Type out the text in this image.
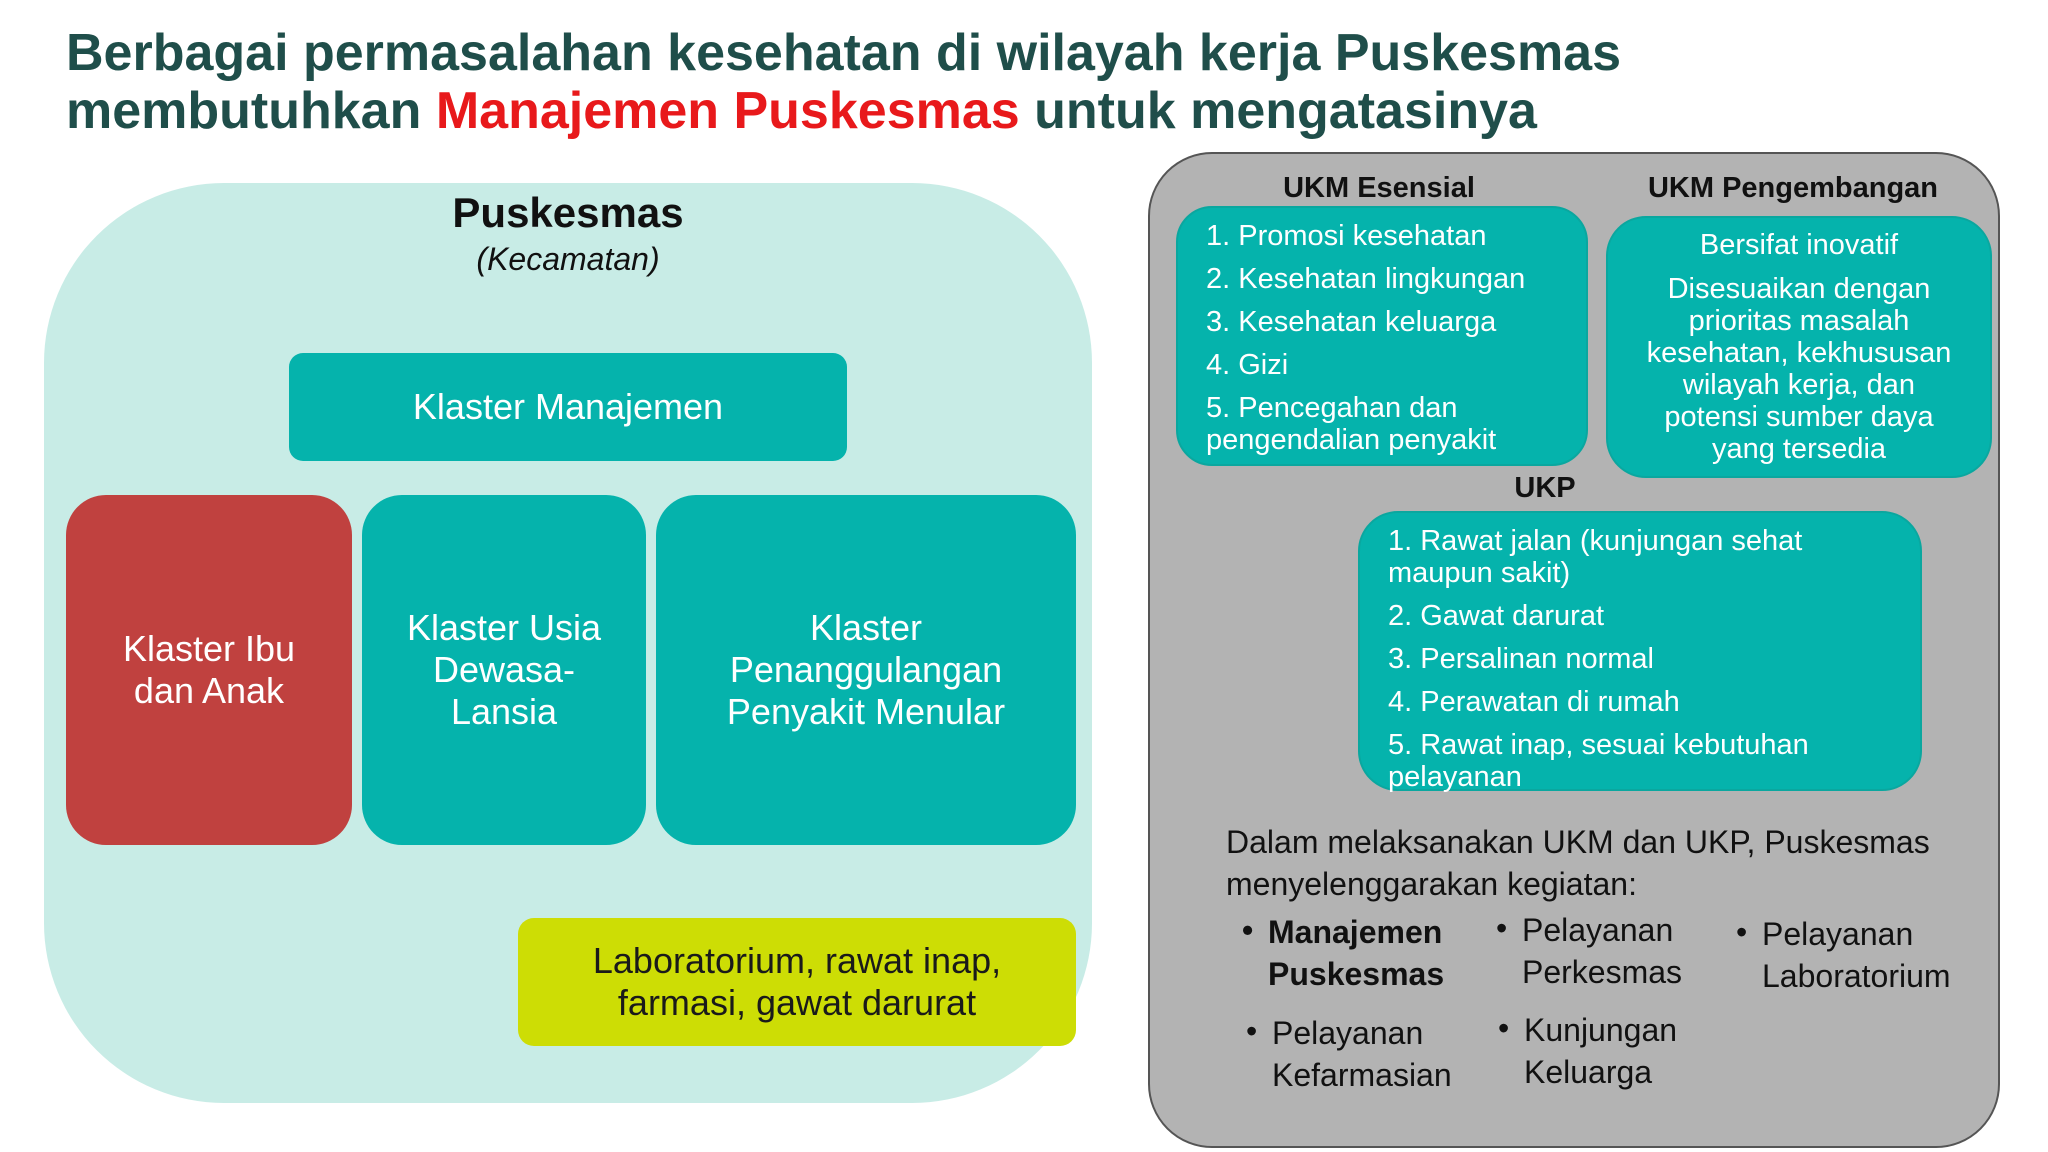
Berbagai permasalahan kesehatan di wilayah kerja Puskesmas
membutuhkan Manajemen Puskesmas untuk mengatasinya
Puskesmas
(Kecamatan)
Klaster Manajemen
Klaster Ibu
dan Anak
Klaster Usia
Dewasa-
Lansia
Klaster
Penanggulangan
Penyakit Menular
Laboratorium, rawat inap,
farmasi, gawat darurat
UKM Esensial	UKM Pengembangan
1. Promosi kesehatan
2. Kesehatan lingkungan
3. Kesehatan keluarga
4. Gizi
5. Pencegahan dan pengendalian penyakit
Bersifat inovatif
Disesuaikan dengan prioritas masalah kesehatan, kekhususan wilayah kerja, dan potensi sumber daya yang tersedia
UKP
1. Rawat jalan (kunjungan sehat maupun sakit)
2. Gawat darurat
3. Persalinan normal
4. Perawatan di rumah
5. Rawat inap, sesuai kebutuhan pelayanan
Dalam melaksanakan UKM dan UKP, Puskesmas menyelenggarakan kegiatan:
• Manajemen
Puskesmas
• Pelayanan
Perkesmas
• Pelayanan
Laboratorium
• Pelayanan
Kefarmasian
• Kunjungan
Keluarga
